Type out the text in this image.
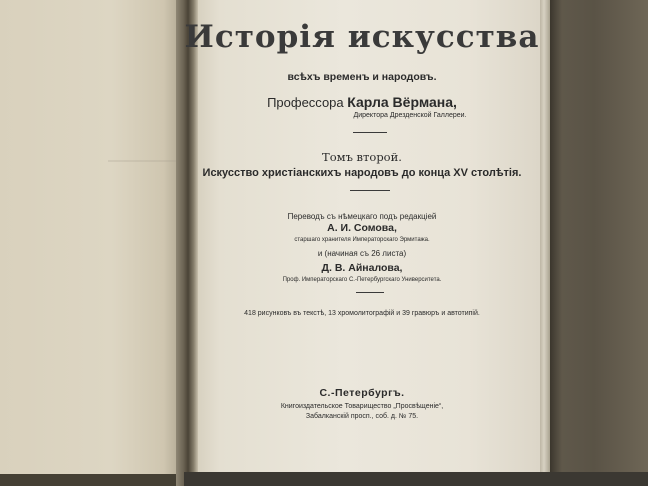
Исторія искусства
всѣхъ временъ и народовъ.
Профессора Карла Вёрмана,
Директора Дрезденской Галлереи.
Томъ второй.
Искусство христіанскихъ народовъ до конца XV столѣтія.
Переводъ съ нѣмецкаго подъ редакціей
А. И. Сомова,
старшаго хранителя Императорскаго Эрмитажа.
и (начиная съ 26 листа)
Д. В. Айналова,
Проф. Императорскаго С.-Петербургскаго Университета.
418 рисунковъ въ текстѣ, 13 хромолитографій и 39 гравюръ и автотипій.
С.-Петербургъ.
Книгоиздательское Товарищество „Просвѣщеніе“,
Забалканскій просп., соб. д. № 75.
